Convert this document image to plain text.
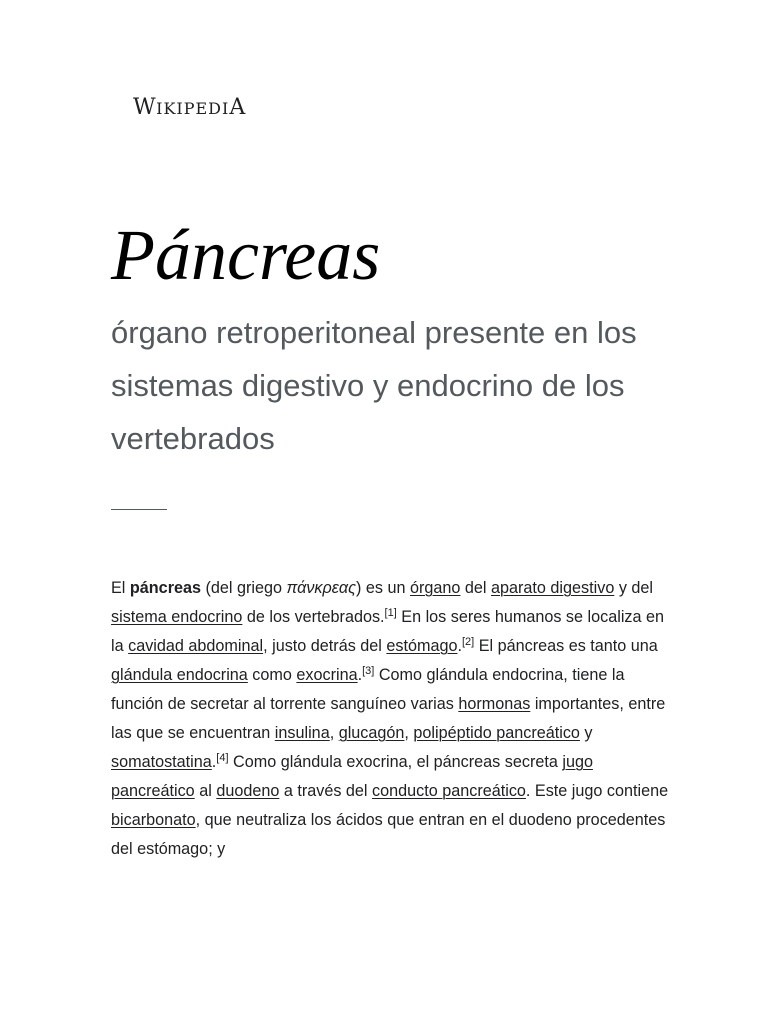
WIKIPEDIA
Páncreas

órgano retroperitoneal presente en los sistemas digestivo y endocrino de los vertebrados

El páncreas (del griego πάνκρεας) es un órgano del aparato digestivo y del sistema endocrino de los vertebrados.[1] En los seres humanos se localiza en la cavidad abdominal, justo detrás del estómago.[2] El páncreas es tanto una glándula endocrina como exocrina.[3] Como glándula endocrina, tiene la función de secretar al torrente sanguíneo varias hormonas importantes, entre las que se encuentran insulina, glucagón, polipéptido pancreático y somatostatina.[4] Como glándula exocrina, el páncreas secreta jugo pancreático al duodeno a través del conducto pancreático. Este jugo contiene bicarbonato, que neutraliza los ácidos que entran en el duodeno procedentes del estómago; y
